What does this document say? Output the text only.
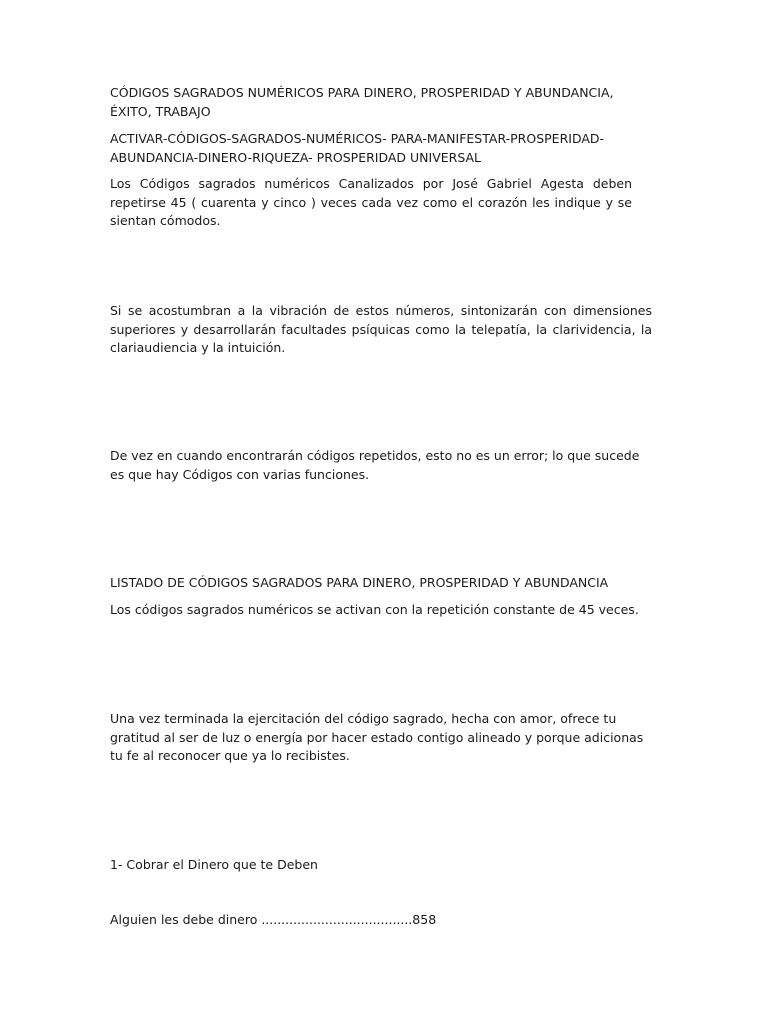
CÓDIGOS SAGRADOS NUMÉRICOS PARA DINERO, PROSPERIDAD Y ABUNDANCIA, ÉXITO, TRABAJO

ACTIVAR-CÓDIGOS-SAGRADOS-NUMÉRICOS- PARA-MANIFESTAR-PROSPERIDAD-ABUNDANCIA-DINERO-RIQUEZA- PROSPERIDAD UNIVERSAL

Los Códigos sagrados numéricos Canalizados por José Gabriel Agesta deben repetirse 45 ( cuarenta y cinco ) veces cada vez como el corazón les indique y se sientan cómodos.

Si se acostumbran a la vibración de estos números, sintonizarán con dimensiones superiores y desarrollarán facultades psíquicas como la telepatía, la clarividencia, la clariaudiencia y la intuición.

De vez en cuando encontrarán códigos repetidos, esto no es un error; lo que sucede es que hay Códigos con varias funciones.

LISTADO DE CÓDIGOS SAGRADOS PARA DINERO, PROSPERIDAD Y ABUNDANCIA

Los códigos sagrados numéricos se activan con la repetición constante de 45 veces.

Una vez terminada la ejercitación del código sagrado, hecha con amor, ofrece tu gratitud al ser de luz o energía por hacer estado contigo alineado y porque adicionas tu fe al reconocer que ya lo recibistes.

1- Cobrar el Dinero que te Deben

Alguien les debe dinero ......................................858
